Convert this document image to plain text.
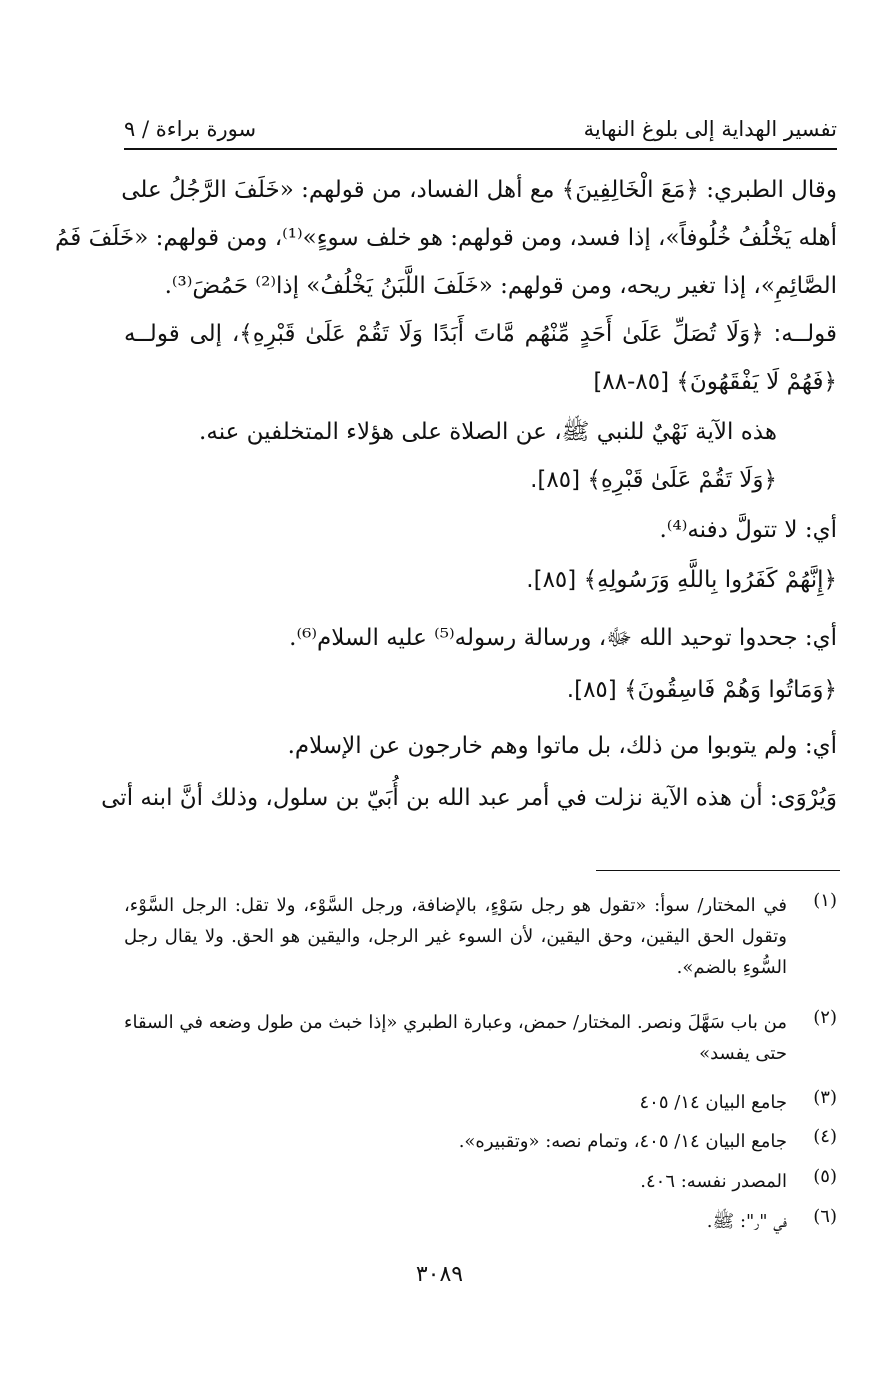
تفسير الهداية إلى بلوغ النهاية
سورة براءة / ٩
وقال الطبري: ﴿مَعَ الْخَالِفِينَ﴾ مع أهل الفساد، من قولهم: «خَلَفَ الرَّجُلُ على
أهله يَخْلُفُ خُلُوفاً»، إذا فسد، ومن قولهم: هو خلف سوءٍ»⁽¹⁾، ومن قولهم: «خَلَفَ فَمُ
الصَّائِمِ»، إذا تغير ريحه، ومن قولهم: «خَلَفَ اللَّبَنُ يَخْلُفُ» إذا⁽²⁾ حَمُضَ⁽³⁾.
قولــه: ﴿وَلَا تُصَلِّ عَلَىٰ أَحَدٍ مِّنْهُم مَّاتَ أَبَدًا وَلَا تَقُمْ عَلَىٰ قَبْرِهِ﴾، إلى قولــه
﴿فَهُمْ لَا يَفْقَهُونَ﴾ [٨٥-٨٨]
هذه الآية نَهْيٌ للنبي ﷺ، عن الصلاة على هؤلاء المتخلفين عنه.
﴿وَلَا تَقُمْ عَلَىٰ قَبْرِهِ﴾ [٨٥].
أي: لا تتولَّ دفنه⁽⁴⁾.
﴿إِنَّهُمْ كَفَرُوا بِاللَّهِ وَرَسُولِهِ﴾ [٨٥].
أي: جحدوا توحيد الله ﷻ، ورسالة رسوله⁽⁵⁾ عليه السلام⁽⁶⁾.
﴿وَمَاتُوا وَهُمْ فَاسِقُونَ﴾ [٨٥].
أي: ولم يتوبوا من ذلك، بل ماتوا وهم خارجون عن الإسلام.
وَيُرْوَى: أن هذه الآية نزلت في أمر عبد الله بن أُبَيّ بن سلول، وذلك أنَّ ابنه أتى
(١)
في المختار/ سوأ: «تقول هو رجل سَوْءٍ، بالإضافة، ورجل السَّوْء، ولا تقل: الرجل السَّوْء،
وتقول الحق اليقين، وحق اليقين، لأن السوء غير الرجل، واليقين هو الحق. ولا يقال رجل
السُّوءِ بالضم».
(٢)
من باب سَهَّلَ ونصر. المختار/ حمض، وعبارة الطبري «إذا خبث من طول وضعه في السقاء
حتى يفسد»
(٣)
جامع البيان ١٤/ ٤٠٥
(٤)
جامع البيان ١٤/ ٤٠٥، وتمام نصه: «وتقبيره».
(٥)
المصدر نفسه: ٤٠٦.
(٦)
في "ر": ﷺ.
٣٠٨٩
